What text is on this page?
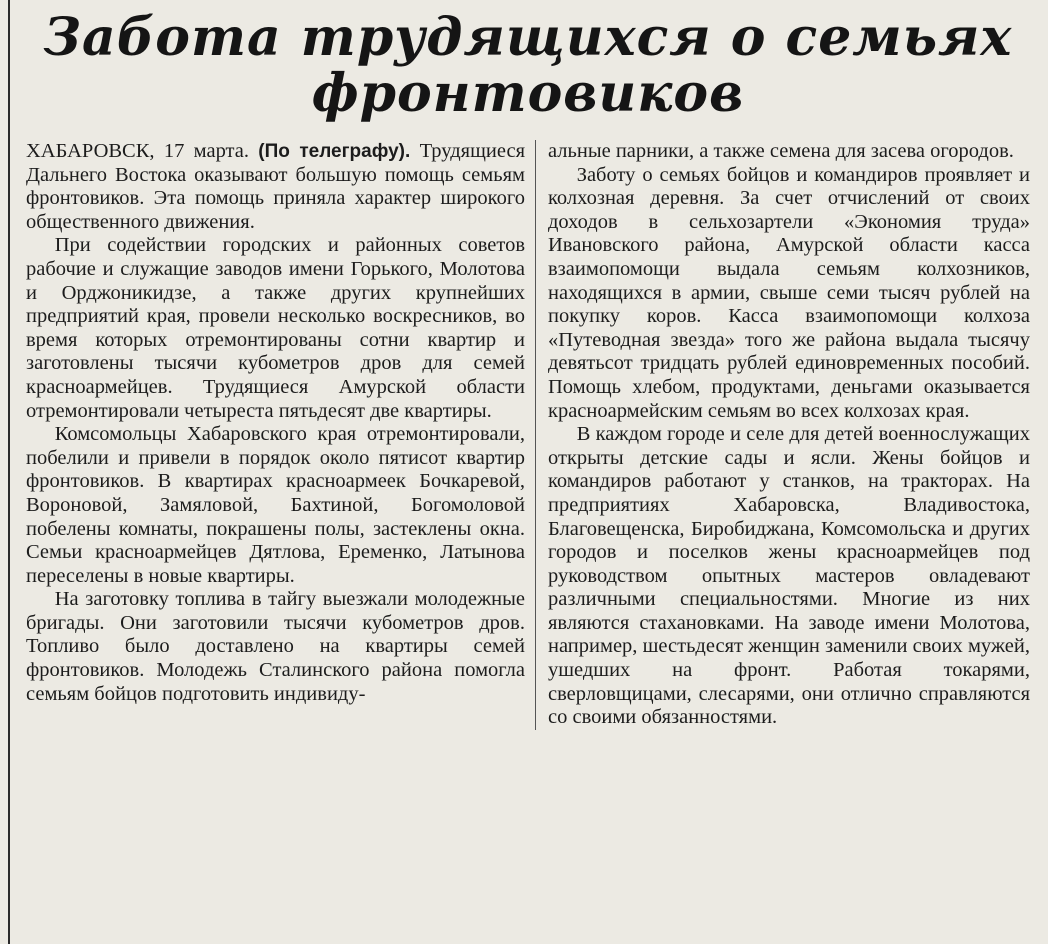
Забота трудящихся о семьях
фронтовиков

ХАБАРОВСК, 17 марта. (По телеграфу). Трудящиеся Дальнего Востока оказывают большую помощь семьям фронтовиков. Эта помощь приняла характер широкого общественного движения.

При содействии городских и районных советов рабочие и служащие заводов имени Горького, Молотова и Орджоникидзе, а также других крупнейших предприятий края, провели несколько воскресников, во время которых отремонтированы сотни квартир и заготовлены тысячи кубометров дров для семей красноармейцев. Трудящиеся Амурской области отремонтировали четыреста пятьдесят две квартиры.

Комсомольцы Хабаровского края отремонтировали, побелили и привели в порядок около пятисот квартир фронтовиков. В квартирах красноармеек Бочкаревой, Вороновой, Замяловой, Бахтиной, Богомоловой побелены комнаты, покрашены полы, застеклены окна. Семьи красноармейцев Дятлова, Еременко, Латынова переселены в новые квартиры.

На заготовку топлива в тайгу выезжали молодежные бригады. Они заготовили тысячи кубометров дров. Топливо было доставлено на квартиры семей фронтовиков. Молодежь Сталинского района помогла семьям бойцов подготовить индивиду-

альные парники, а также семена для засева огородов.

Заботу о семьях бойцов и командиров проявляет и колхозная деревня. За счет отчислений от своих доходов в сельхозартели «Экономия труда» Ивановского района, Амурской области касса взаимопомощи выдала семьям колхозников, находящихся в армии, свыше семи тысяч рублей на покупку коров. Касса взаимопомощи колхоза «Путеводная звезда» того же района выдала тысячу девятьсот тридцать рублей единовременных пособий. Помощь хлебом, продуктами, деньгами оказывается красноармейским семьям во всех колхозах края.

В каждом городе и селе для детей военнослужащих открыты детские сады и ясли. Жены бойцов и командиров работают у станков, на тракторах. На предприятиях Хабаровска, Владивостока, Благовещенска, Биробиджана, Комсомольска и других городов и поселков жены красноармейцев под руководством опытных мастеров овладевают различными специальностями. Многие из них являются стахановками. На заводе имени Молотова, например, шестьдесят женщин заменили своих мужей, ушедших на фронт. Работая токарями, сверловщицами, слесарями, они отлично справляются со своими обязанностями.
